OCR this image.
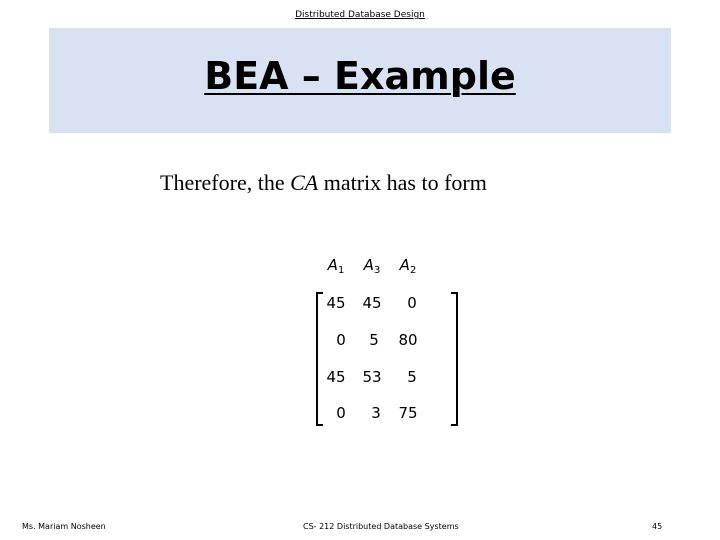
Distributed Database Design
BEA – Example
Therefore, the CA matrix has to form
$A_1$	$A_3$	$A_2$
45	45	0
0	5	80
45	53	5
0	3	75
Ms. Mariam Nosheen	CS- 212 Distributed Database Systems	45
